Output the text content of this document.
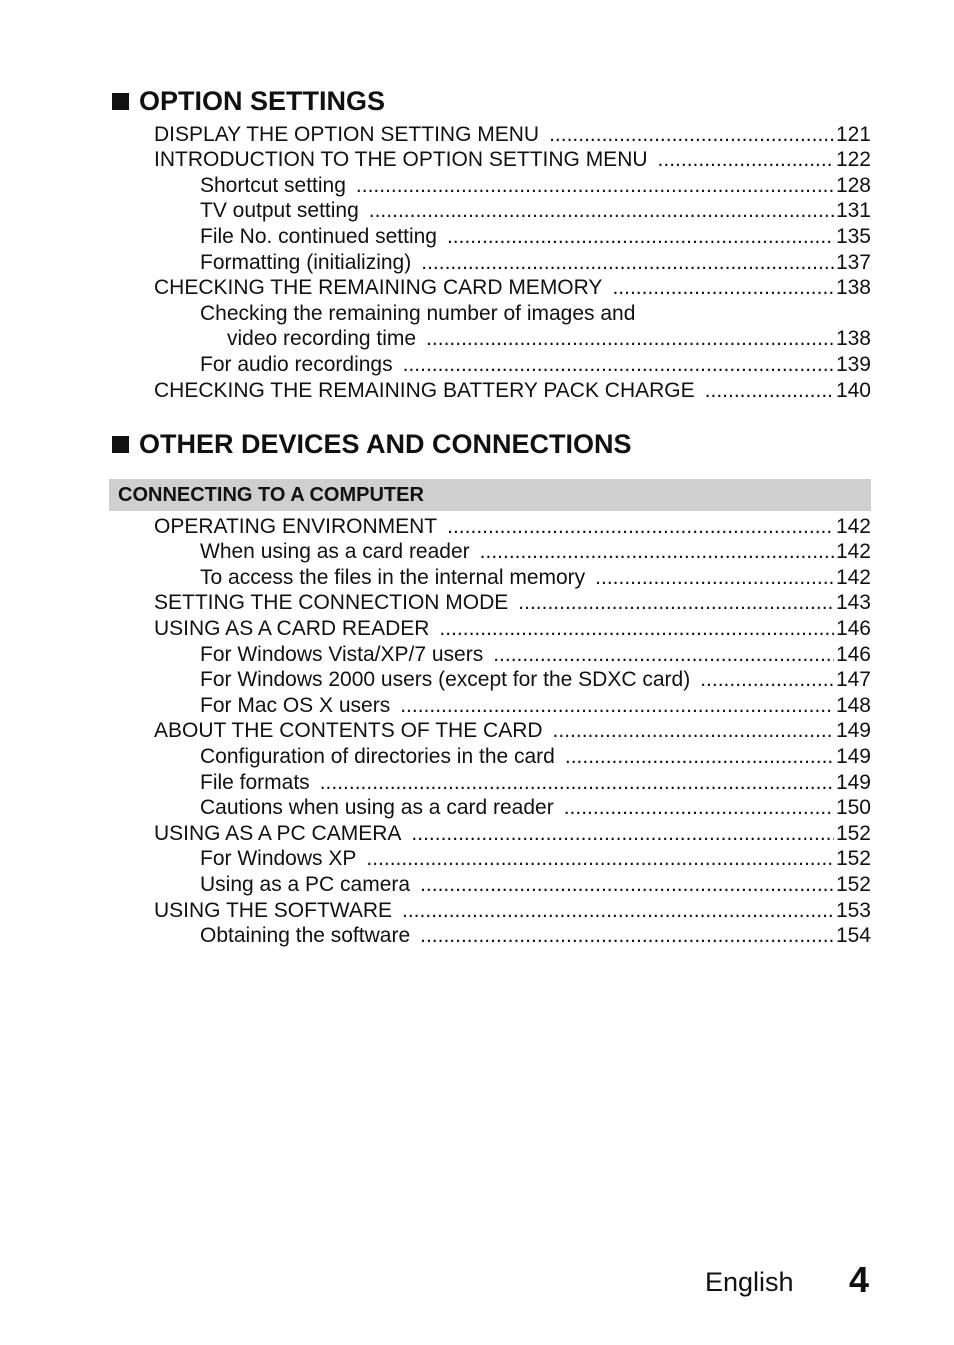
OPTION SETTINGS
DISPLAY THE OPTION SETTING MENU .....	121
INTRODUCTION TO THE OPTION SETTING MENU .....	122
Shortcut setting .....	128
TV output setting .....	131
File No. continued setting .....	135
Formatting (initializing) .....	137
CHECKING THE REMAINING CARD MEMORY .....	138
Checking the remaining number of images and
video recording time .....	138
For audio recordings .....	139
CHECKING THE REMAINING BATTERY PACK CHARGE .....	140
OTHER DEVICES AND CONNECTIONS
CONNECTING TO A COMPUTER
OPERATING ENVIRONMENT .....	142
When using as a card reader .....	142
To access the files in the internal memory .....	142
SETTING THE CONNECTION MODE .....	143
USING AS A CARD READER .....	146
For Windows Vista/XP/7 users .....	146
For Windows 2000 users (except for the SDXC card) .....	147
For Mac OS X users .....	148
ABOUT THE CONTENTS OF THE CARD .....	149
Configuration of directories in the card .....	149
File formats .....	149
Cautions when using as a card reader .....	150
USING AS A PC CAMERA .....	152
For Windows XP .....	152
Using as a PC camera .....	152
USING THE SOFTWARE .....	153
Obtaining the software .....	154
English 4
